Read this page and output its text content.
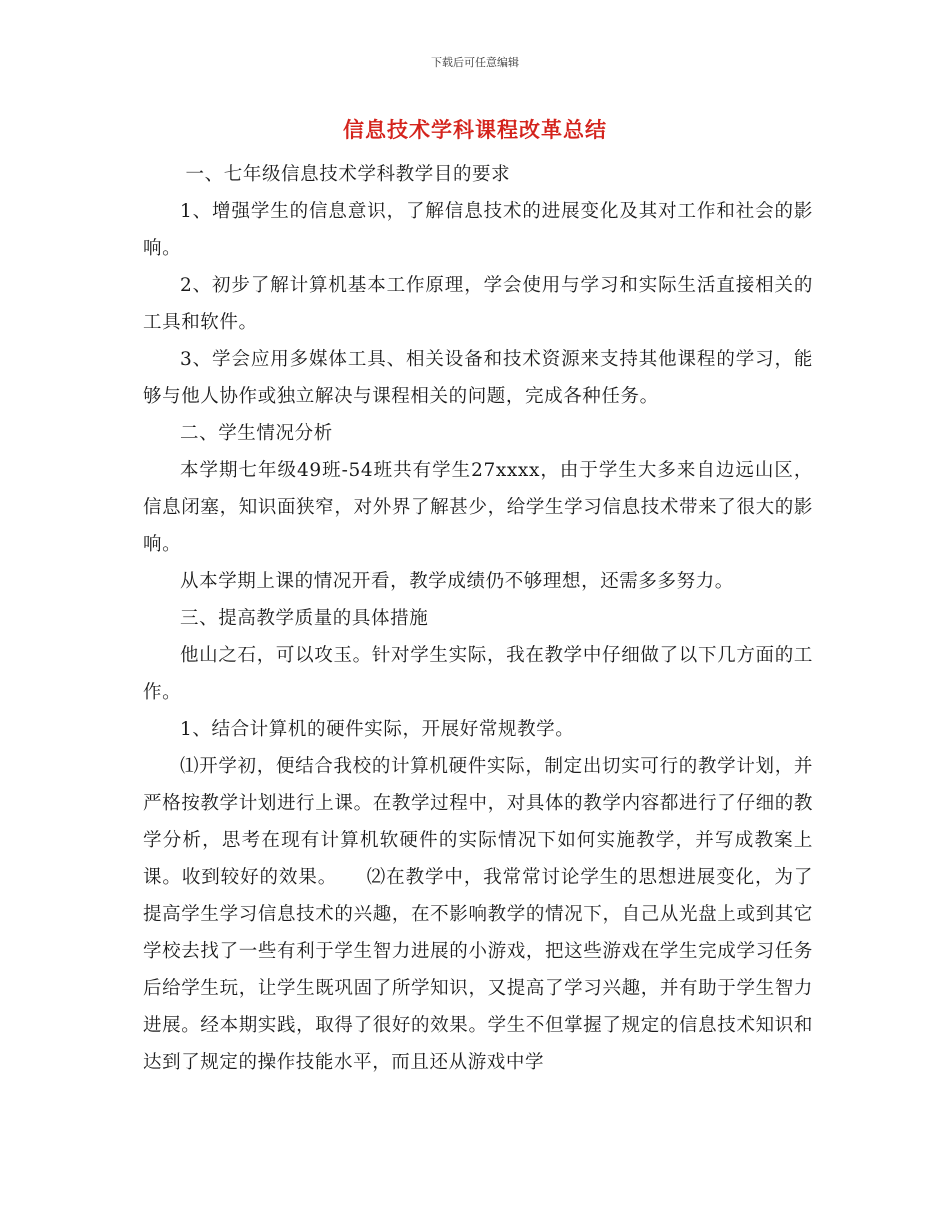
下载后可任意编辑
信息技术学科课程改革总结

一、七年级信息技术学科教学目的要求

1、增强学生的信息意识，了解信息技术的进展变化及其对工作和社会的影响。

2、初步了解计算机基本工作原理，学会使用与学习和实际生活直接相关的工具和软件。

3、学会应用多媒体工具、相关设备和技术资源来支持其他课程的学习，能够与他人协作或独立解决与课程相关的问题，完成各种任务。

二、学生情况分析

本学期七年级49班-54班共有学生27xxxx，由于学生大多来自边远山区，信息闭塞，知识面狭窄，对外界了解甚少，给学生学习信息技术带来了很大的影响。

从本学期上课的情况开看，教学成绩仍不够理想，还需多多努力。

三、提高教学质量的具体措施

他山之石，可以攻玉。针对学生实际，我在教学中仔细做了以下几方面的工作。

1、结合计算机的硬件实际，开展好常规教学。

⑴开学初，便结合我校的计算机硬件实际，制定出切实可行的教学计划，并严格按教学计划进行上课。在教学过程中，对具体的教学内容都进行了仔细的教学分析，思考在现有计算机软硬件的实际情况下如何实施教学，并写成教案上课。收到较好的效果。　　⑵在教学中，我常常讨论学生的思想进展变化，为了提高学生学习信息技术的兴趣，在不影响教学的情况下，自己从光盘上或到其它学校去找了一些有利于学生智力进展的小游戏，把这些游戏在学生完成学习任务后给学生玩，让学生既巩固了所学知识，又提高了学习兴趣，并有助于学生智力进展。经本期实践，取得了很好的效果。学生不但掌握了规定的信息技术知识和达到了规定的操作技能水平，而且还从游戏中学
